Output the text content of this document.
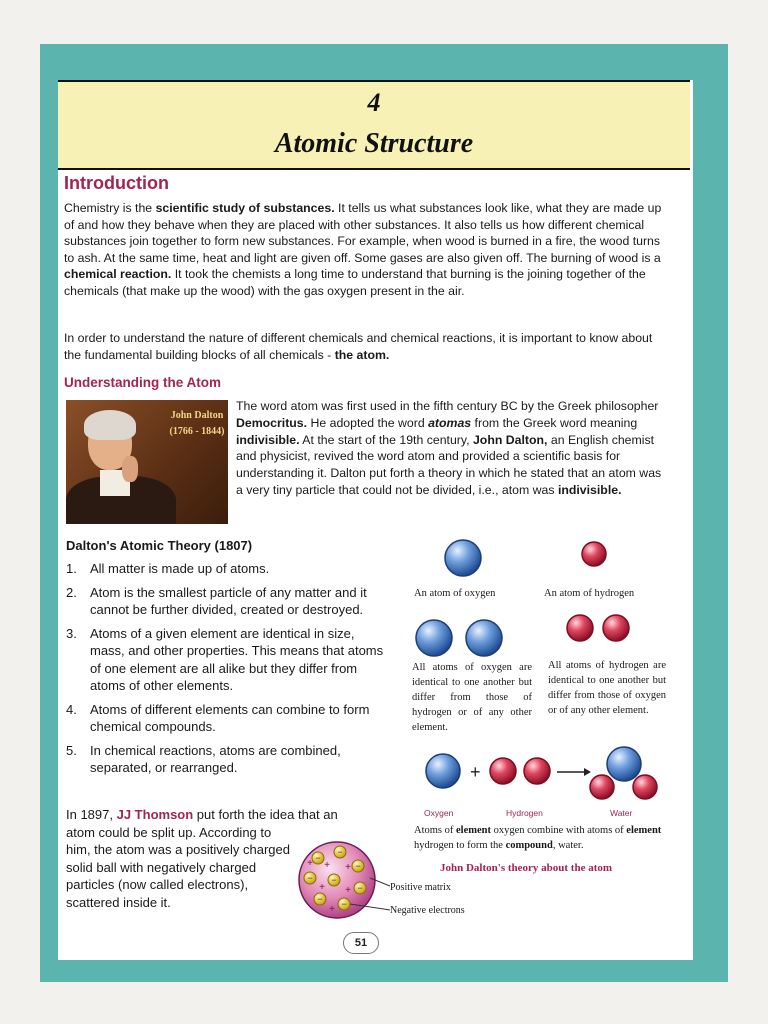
4
Atomic Structure
Introduction

Chemistry is the scientific study of substances. It tells us what substances look like, what they are made up of and how they behave when they are placed with other substances. It also tells us how different chemical substances join together to form new substances. For example, when wood is burned in a fire, the wood turns to ash. At the same time, heat and light are given off. Some gases are also given off. The burning of wood is a chemical reaction. It took the chemists a long time to understand that burning is the joining together of the chemicals (that make up the wood) with the gas oxygen present in the air.

In order to understand the nature of different chemicals and chemical reactions, it is important to know about the fundamental building blocks of all chemicals - the atom.

Understanding the Atom
John Dalton
(1766 - 1844)

The word atom was first used in the fifth century BC by the Greek philosopher Democritus. He adopted the word atomas from the Greek word meaning indivisible. At the start of the 19th century, John Dalton, an English chemist and physicist, revived the word atom and provided a scientific basis for understanding it. Dalton put forth a theory in which he stated that an atom was a very tiny particle that could not be divided, i.e., atom was indivisible.

Dalton's Atomic Theory (1807)
1. All matter is made up of atoms.
2. Atom is the smallest particle of any matter and it cannot be further divided, created or destroyed.
3. Atoms of a given element are identical in size, mass, and other properties. This means that atoms of one element are all alike but they differ from atoms of other elements.
4. Atoms of different elements can combine to form chemical compounds.
5. In chemical reactions, atoms are combined, separated, or rearranged.

In 1897, JJ Thomson put forth the idea that an
atom could be split up. According to him, the atom was a positively charged solid ball with negatively charged particles (now called electrons), scattered inside it.

+
−
−
−
− −
−
− −
+ +
+ +
+
+
An atom of oxygen	An atom of hydrogen
All atoms of oxygen are identical to one another but differ from those of hydrogen or of any other element.
All atoms of hydrogen are identical to one another but differ from those of oxygen or of any other element.
Oxygen	Hydrogen	Water
Atoms of element oxygen combine with atoms of element hydrogen to form the compound, water.
John Dalton's theory about the atom
Positive matrix
Negative electrons
51
